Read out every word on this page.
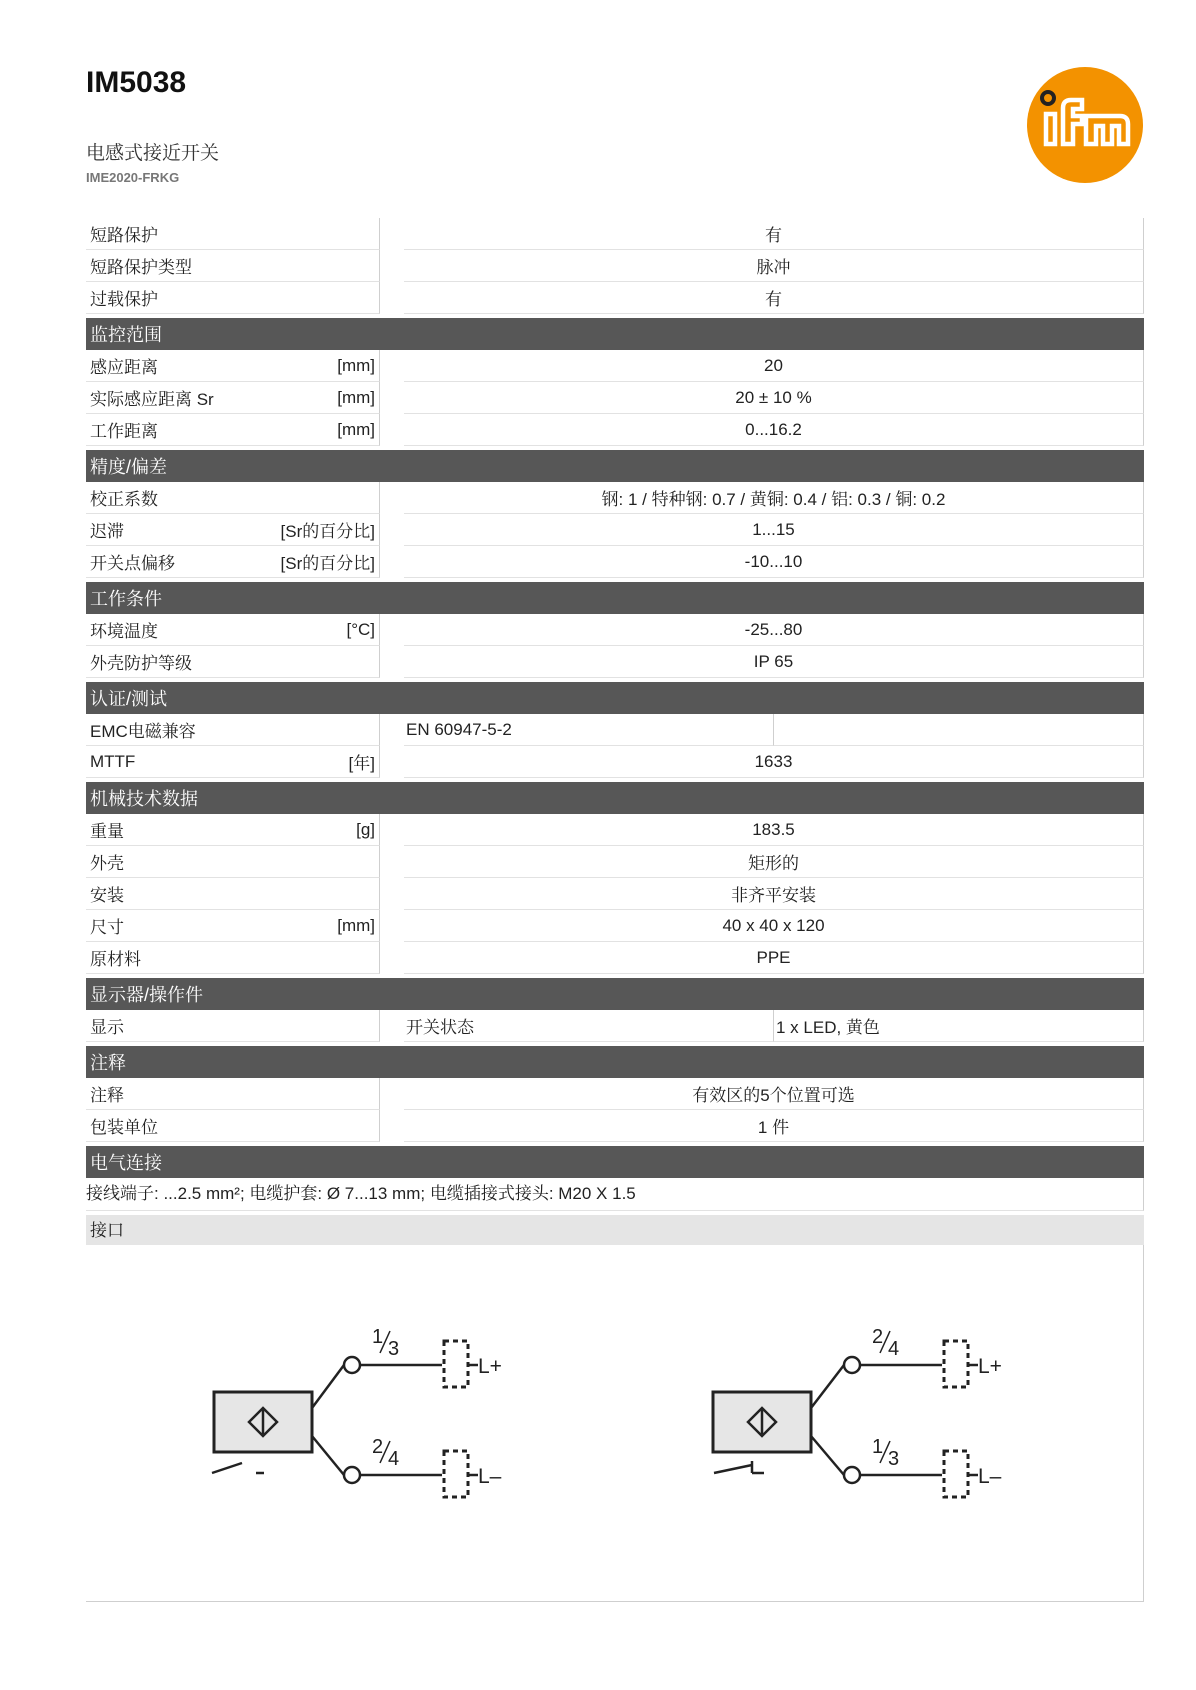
IM5038
电感式接近开关
IME2020-FRKG
短路保护	有
短路保护类型	脉冲
过载保护	有
监控范围
感应距离	[mm]	20
实际感应距离 Sr	[mm]	20 ± 10 %
工作距离	[mm]	0...16.2
精度/偏差
校正系数	钢: 1 / 特种钢: 0.7 / 黄铜: 0.4 / 铝: 0.3 / 铜: 0.2
迟滞	[Sr的百分比]	1...15
开关点偏移	[Sr的百分比]	-10...10
工作条件
环境温度	[°C]	-25...80
外壳防护等级	IP 65
认证/测试
EMC电磁兼容	EN 60947-5-2
MTTF	[年]	1633
机械技术数据
重量	[g]	183.5
外壳	矩形的
安装	非齐平安装
尺寸	[mm]	40 x 40 x 120
原材料	PPE
显示器/操作件
显示	开关状态	1 x LED, 黄色
注释
注释	有效区的5个位置可选
包装单位	1 件
电气连接
接线端子: ...2.5 mm²; 电缆护套: Ø 7...13 mm; 电缆插接式接头: M20 X 1.5
接口
1
3
2
4
L+
L–
2
4
1
3
L+
L–
